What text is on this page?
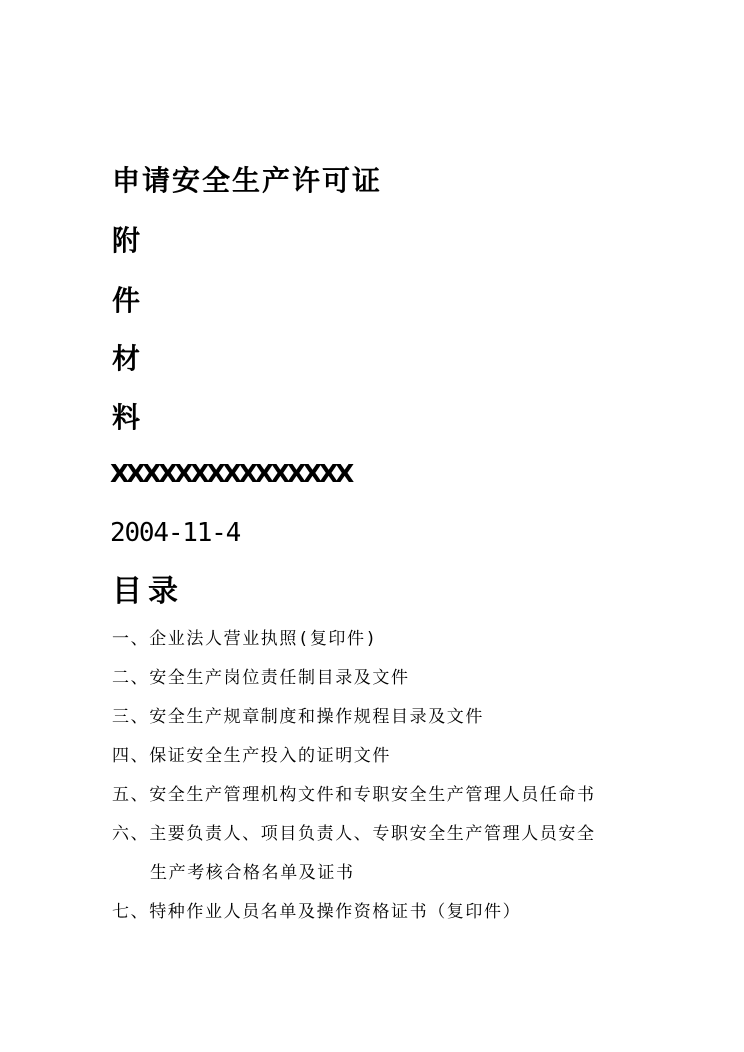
申请安全生产许可证
附
件
材
料
XXXXXXXXXXXXXXX
2004-11-4
目录
一、企业法人营业执照(复印件)
二、安全生产岗位责任制目录及文件
三、安全生产规章制度和操作规程目录及文件
四、保证安全生产投入的证明文件
五、安全生产管理机构文件和专职安全生产管理人员任命书
六、主要负责人、项目负责人、专职安全生产管理人员安全
生产考核合格名单及证书
七、特种作业人员名单及操作资格证书（复印件）
